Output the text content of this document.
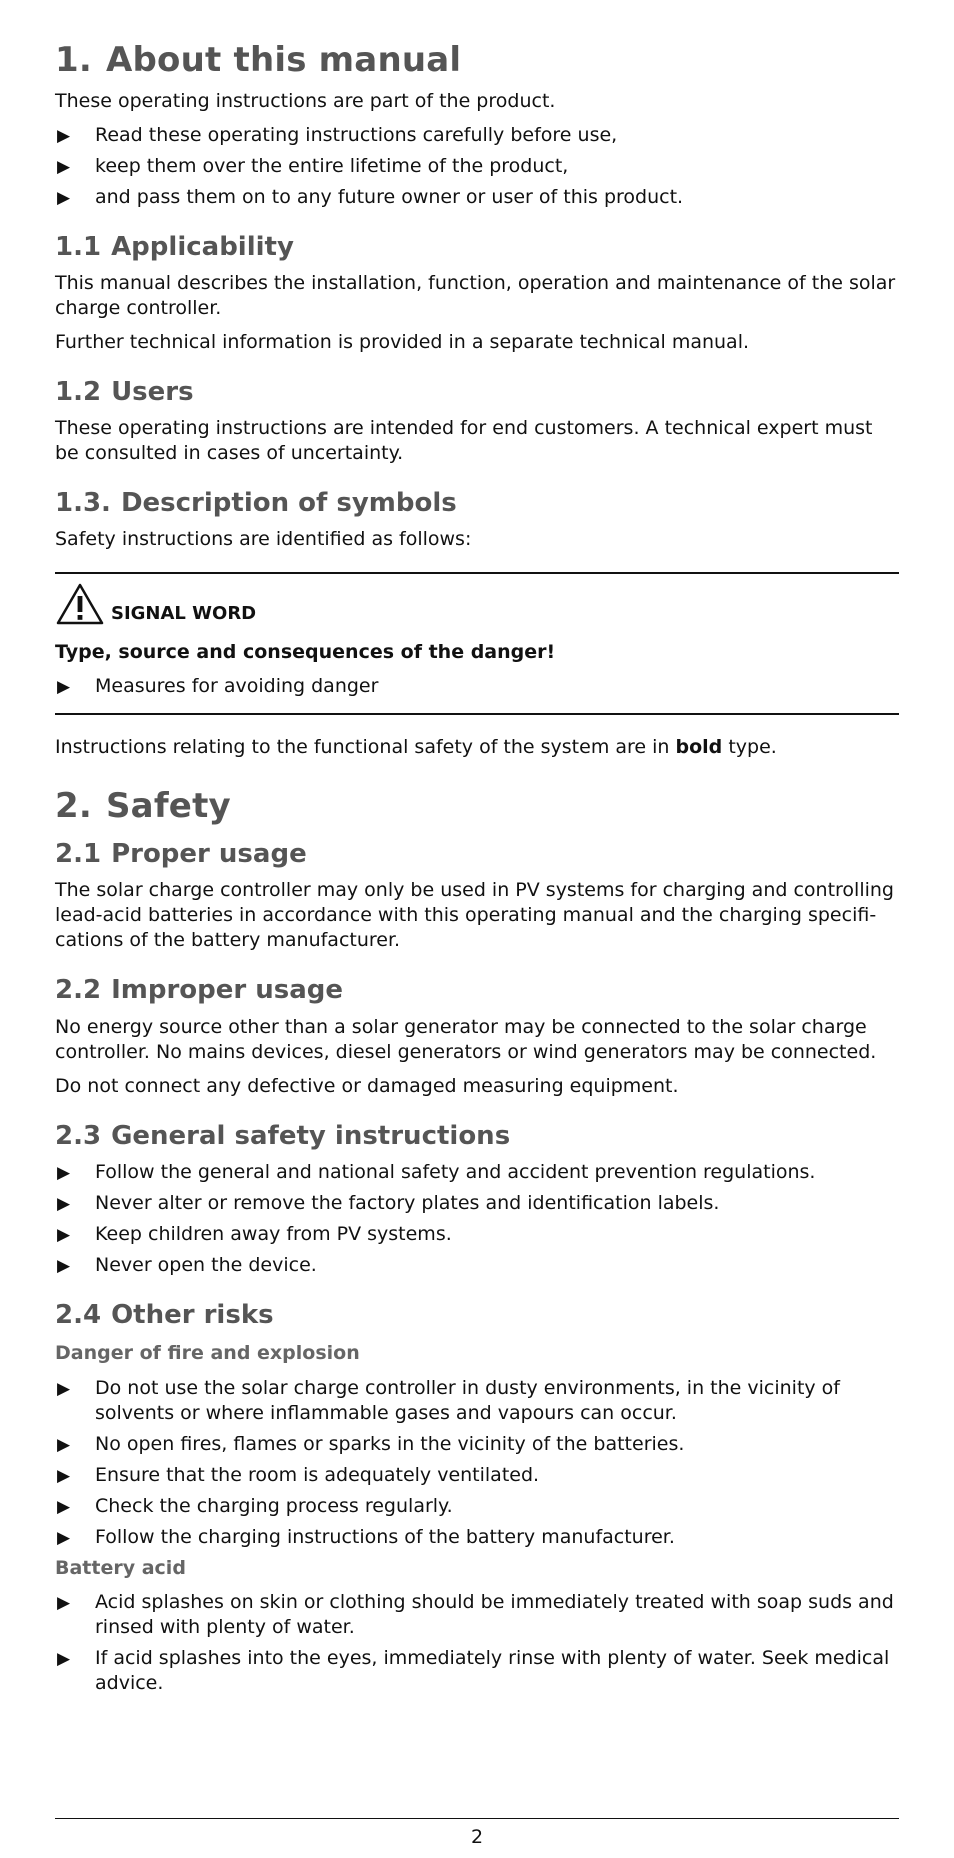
1. About this manual

These operating instructions are part of the product.

▶ Read these operating instructions carefully before use,
▶ keep them over the entire lifetime of the product,
▶ and pass them on to any future owner or user of this product.
1.1 Applicability

This manual describes the installation, function, operation and maintenance of the solar charge controller.

Further technical information is provided in a separate technical manual.

1.2 Users

These operating instructions are intended for end customers. A technical expert must be consulted in cases of uncertainty.

1.3. Description of symbols

Safety instructions are identified as follows:

SIGNAL WORD
Type, source and consequences of the danger!
▶ Measures for avoiding danger

Instructions relating to the functional safety of the system are in bold type.

2. Safety
2.1 Proper usage

The solar charge controller may only be used in PV systems for charging and controlling lead-acid batteries in accordance with this operating manual and the charging specifi-cations of the battery manufacturer.

2.2 Improper usage

No energy source other than a solar generator may be connected to the solar charge controller. No mains devices, diesel generators or wind generators may be connected.

Do not connect any defective or damaged measuring equipment.

2.3 General safety instructions
▶ Follow the general and national safety and accident prevention regulations.
▶ Never alter or remove the factory plates and identification labels.
▶ Keep children away from PV systems.
▶ Never open the device.
2.4 Other risks
Danger of fire and explosion
▶ Do not use the solar charge controller in dusty environments, in the vicinity of solvents or where inflammable gases and vapours can occur.
▶ No open fires, flames or sparks in the vicinity of the batteries.
▶ Ensure that the room is adequately ventilated.
▶ Check the charging process regularly.
▶ Follow the charging instructions of the battery manufacturer.
Battery acid
▶ Acid splashes on skin or clothing should be immediately treated with soap suds and rinsed with plenty of water.
▶ If acid splashes into the eyes, immediately rinse with plenty of water. Seek medical advice.
2
